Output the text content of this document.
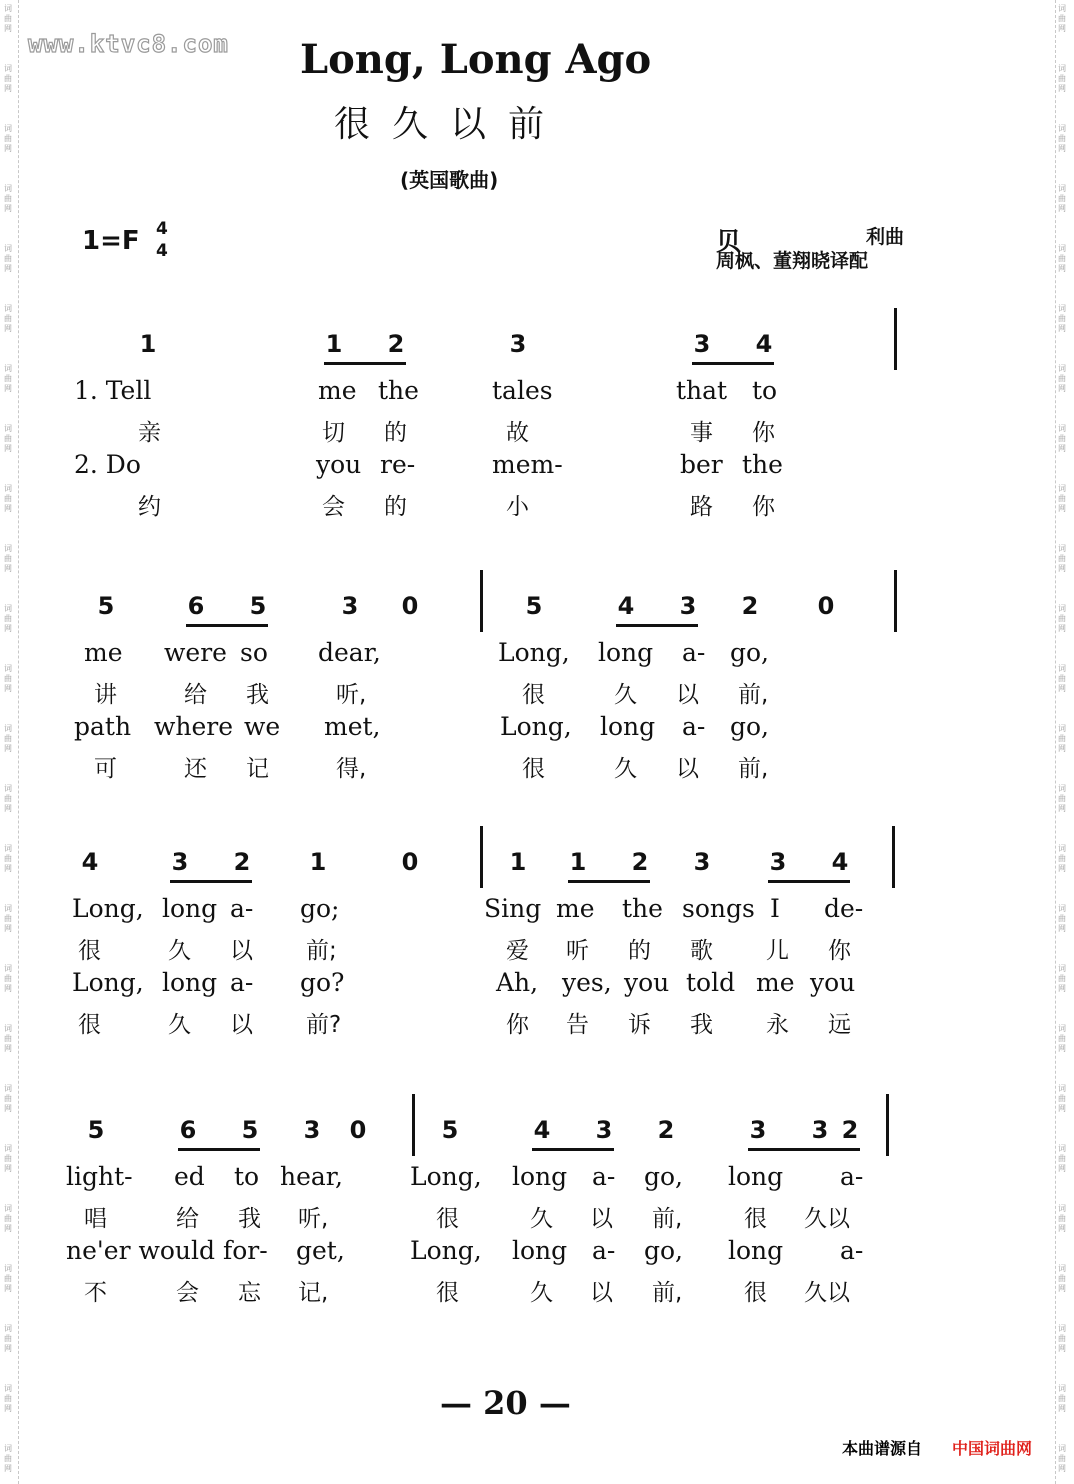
词
曲
网
词
曲
网
词
曲
网
词
曲
网
词
曲
网
词
曲
网
词
曲
网
词
曲
网
词
曲
网
词
曲
网
词
曲
网
词
曲
网
词
曲
网
词
曲
网
词
曲
网
词
曲
网
词
曲
网
词
曲
网
词
曲
网
词
曲
网
词
曲
网
词
曲
网
词
曲
网
词
曲
网
词
曲
网
词
曲
网
词
曲
网
词
曲
网
词
曲
网
词
曲
网
词
曲
网
词
曲
网
词
曲
网
词
曲
网
词
曲
网
词
曲
网
词
曲
网
词
曲
网
词
曲
网
词
曲
网
词
曲
网
词
曲
网
词
曲
网
词
曲
网
词
曲
网
词
曲
网
词
曲
网
词
曲
网
词
曲
网
词
曲
网
www.ktvc8.com Long, Long Ago
很久以前
(英国歌曲)
1=F 4
4	贝	利曲
周枫、董翔晓译配
1	1 2	3	3 4
1. Tell	me the	tales	that to
亲	切 的	故	事 你
2. Do	you re-	mem-	ber the
约	会 的	小	路 你
5	6 5	3 0	5	4 3 2 0
me were so dear,	Long, long a- go,
讲	给 我	听,	很	久 以 前,
path where we met,	Long, long a- go,
可	还 记	得,	很	久 以 前,
4	3 2 1	0	1 1 2 3 3 4
Long, long a- go;	Sing me the songs I de-
很	久 以 前;	爱 听 的 歌 儿 你
Long, long a- go?	Ah, yes, you told me you
很	久 以 前?	你 告 诉 我 永 远
5	6 5 3 0	5	4 3 2	3 3 2
light- ed to hear,	Long, long a- go, long a-
唱	给 我 听,	很	久 以 前,	很 久以
ne'er would for- get,	Long, long a- go, long a-
不	会 忘 记,	很	久 以 前,	很 久以
— 20 —
本曲谱源自 中国词曲网
